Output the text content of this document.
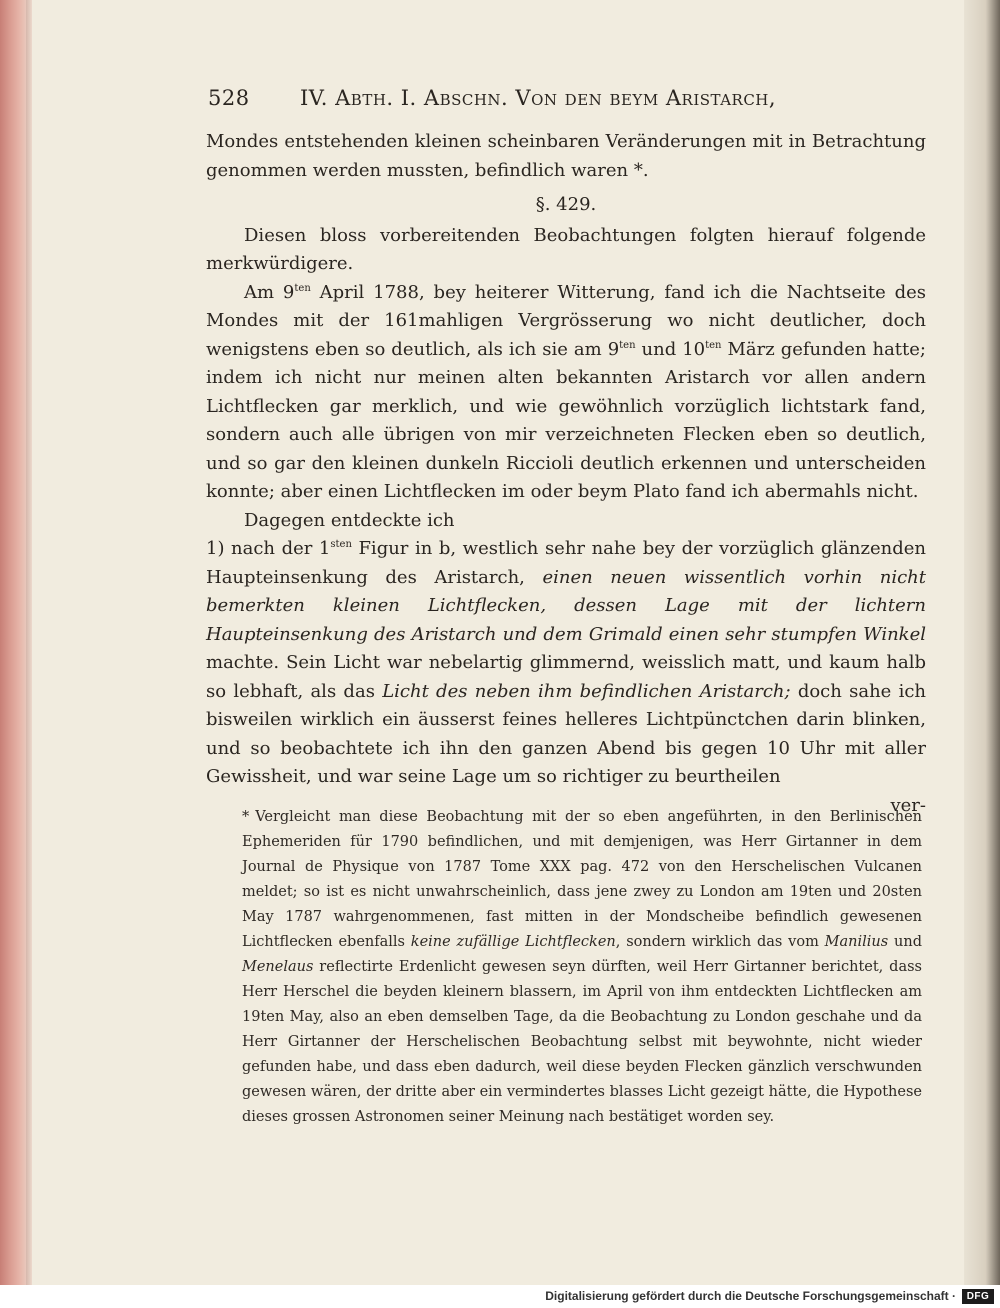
528 IV. Abth. I. Abschn. Von den beym Aristarch,

Mondes entstehenden kleinen scheinbaren Veränderungen mit in Betrachtung genommen werden mussten, befindlich waren *.

§. 429.

Diesen bloss vorbereitenden Beobachtungen folgten hierauf folgende merkwürdigere.

Am $9^{ten}$ April 1788, bey heiterer Witterung, fand ich die Nachtseite des Mondes mit der 161mahligen Vergrösserung wo nicht deutlicher, doch wenigstens eben so deutlich, als ich sie am $9^{ten}$ und $10^{ten}$ März gefunden hatte; indem ich nicht nur meinen alten bekannten Aristarch vor allen andern Lichtflecken gar merklich, und wie gewöhnlich vorzüglich lichtstark fand, sondern auch alle übrigen von mir verzeichneten Flecken eben so deutlich, und so gar den kleinen dunkeln Riccioli deutlich erkennen und unterscheiden konnte; aber einen Lichtflecken im oder beym Plato fand ich abermahls nicht.

Dagegen entdeckte ich

1) nach der $1^{sten}$ Figur in b, westlich sehr nahe bey der vorzüglich glänzenden Haupteinsenkung des Aristarch, einen neuen wissentlich vorhin nicht bemerkten kleinen Lichtflecken, dessen Lage mit der lichtern Haupteinsenkung des Aristarch und dem Grimald einen sehr stumpfen Winkel machte. Sein Licht war nebelartig glimmernd, weisslich matt, und kaum halb so lebhaft, als das Licht des neben ihm befindlichen Aristarch; doch sahe ich bisweilen wirklich ein äusserst feines helleres Lichtpünctchen darin blinken, und so beobachtete ich ihn den ganzen Abend bis gegen 10 Uhr mit aller Gewissheit, und war seine Lage um so richtiger zu beurtheilen

ver-

* Vergleicht man diese Beobachtung mit der so eben angeführten, in den Berlinischen Ephemeriden für 1790 befindlichen, und mit demjenigen, was Herr Girtanner in dem Journal de Physique von 1787 Tome XXX pag. 472 von den Herschelischen Vulcanen meldet; so ist es nicht unwahrscheinlich, dass jene zwey zu London am 19ten und 20sten May 1787 wahrgenommenen, fast mitten in der Mondscheibe befindlich gewesenen Lichtflecken ebenfalls keine zufällige Lichtflecken, sondern wirklich das vom Manilius und Menelaus reflectirte Erdenlicht gewesen seyn dürften, weil Herr Girtanner berichtet, dass Herr Herschel die beyden kleinern blassern, im April von ihm entdeckten Lichtflecken am 19ten May, also an eben demselben Tage, da die Beobachtung zu London geschahe und da Herr Girtanner der Herschelischen Beobachtung selbst mit beywohnte, nicht wieder gefunden habe, und dass eben dadurch, weil diese beyden Flecken gänzlich verschwunden gewesen wären, der dritte aber ein vermindertes blasses Licht gezeigt hätte, die Hypothese dieses grossen Astronomen seiner Meinung nach bestätiget worden sey.

Digitalisierung gefördert durch die Deutsche Forschungsgemeinschaft ·	DFG
